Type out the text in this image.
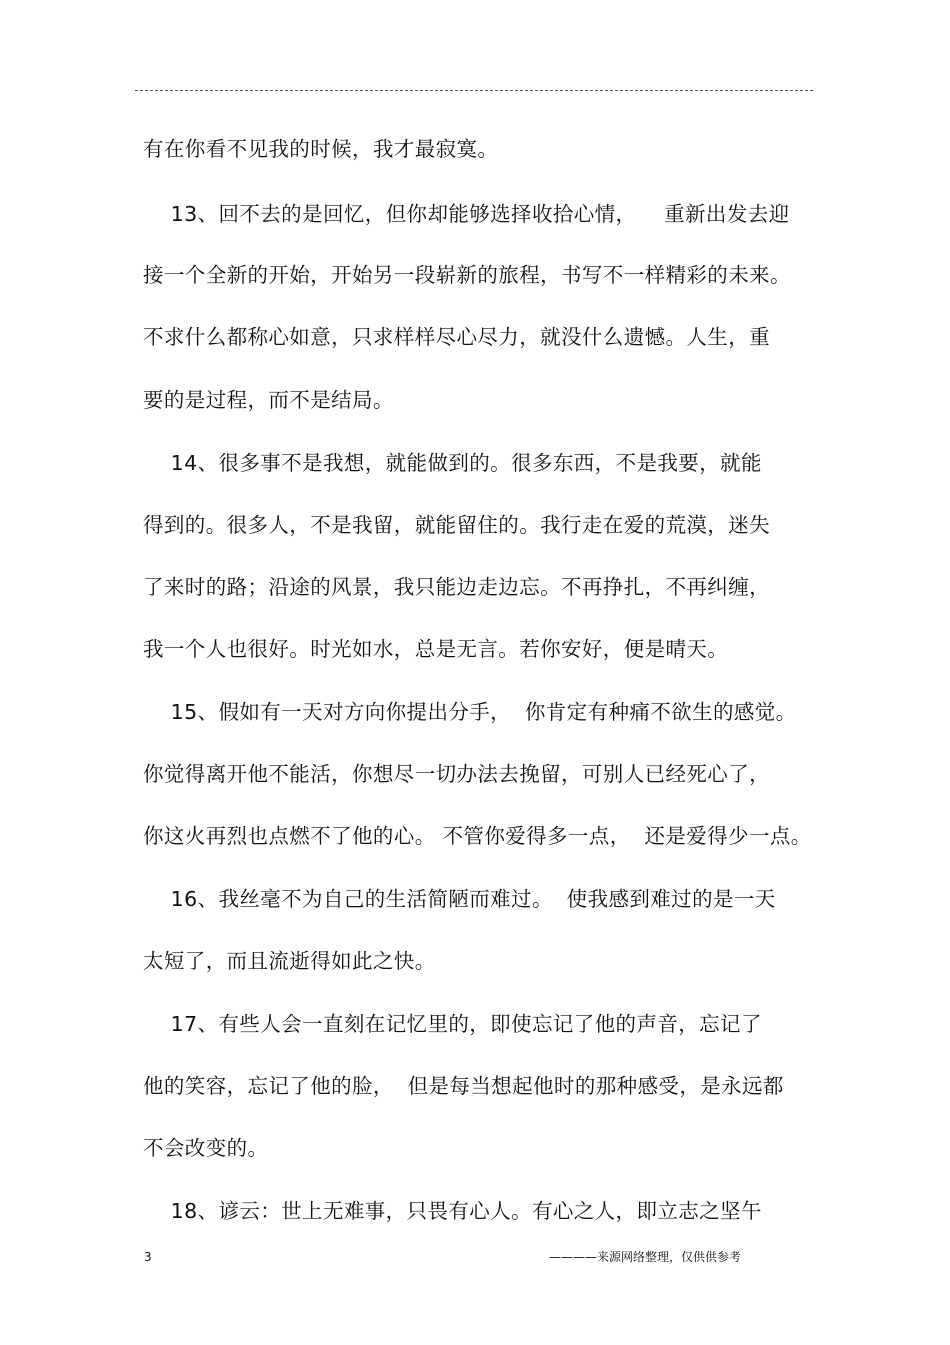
有在你看不见我的时候，我才最寂寞。
13、回不去的是回忆，但你却能够选择收拾心情，    重新出发去迎
接一个全新的开始，开始另一段崭新的旅程，书写不一样精彩的未来。
不求什么都称心如意，只求样样尽心尽力，就没什么遗憾。人生，重
要的是过程，而不是结局。
14、很多事不是我想，就能做到的。很多东西，不是我要，就能
得到的。很多人，不是我留，就能留住的。我行走在爱的荒漠，迷失
了来时的路；沿途的风景，我只能边走边忘。不再挣扎，不再纠缠，
我一个人也很好。时光如水，总是无言。若你安好，便是晴天。
15、假如有一天对方向你提出分手，  你肯定有种痛不欲生的感觉。
你觉得离开他不能活，你想尽一切办法去挽留，可别人已经死心了，
你这火再烈也点燃不了他的心。 不管你爱得多一点，  还是爱得少一点。
16、我丝毫不为自己的生活简陋而难过。  使我感到难过的是一天
太短了，而且流逝得如此之快。
17、有些人会一直刻在记忆里的，即使忘记了他的声音，忘记了
他的笑容，忘记了他的脸，  但是每当想起他时的那种感受，是永远都
不会改变的。
18、谚云：世上无难事，只畏有心人。有心之人，即立志之坚午
3	————来源网络整理，仅供供参考
